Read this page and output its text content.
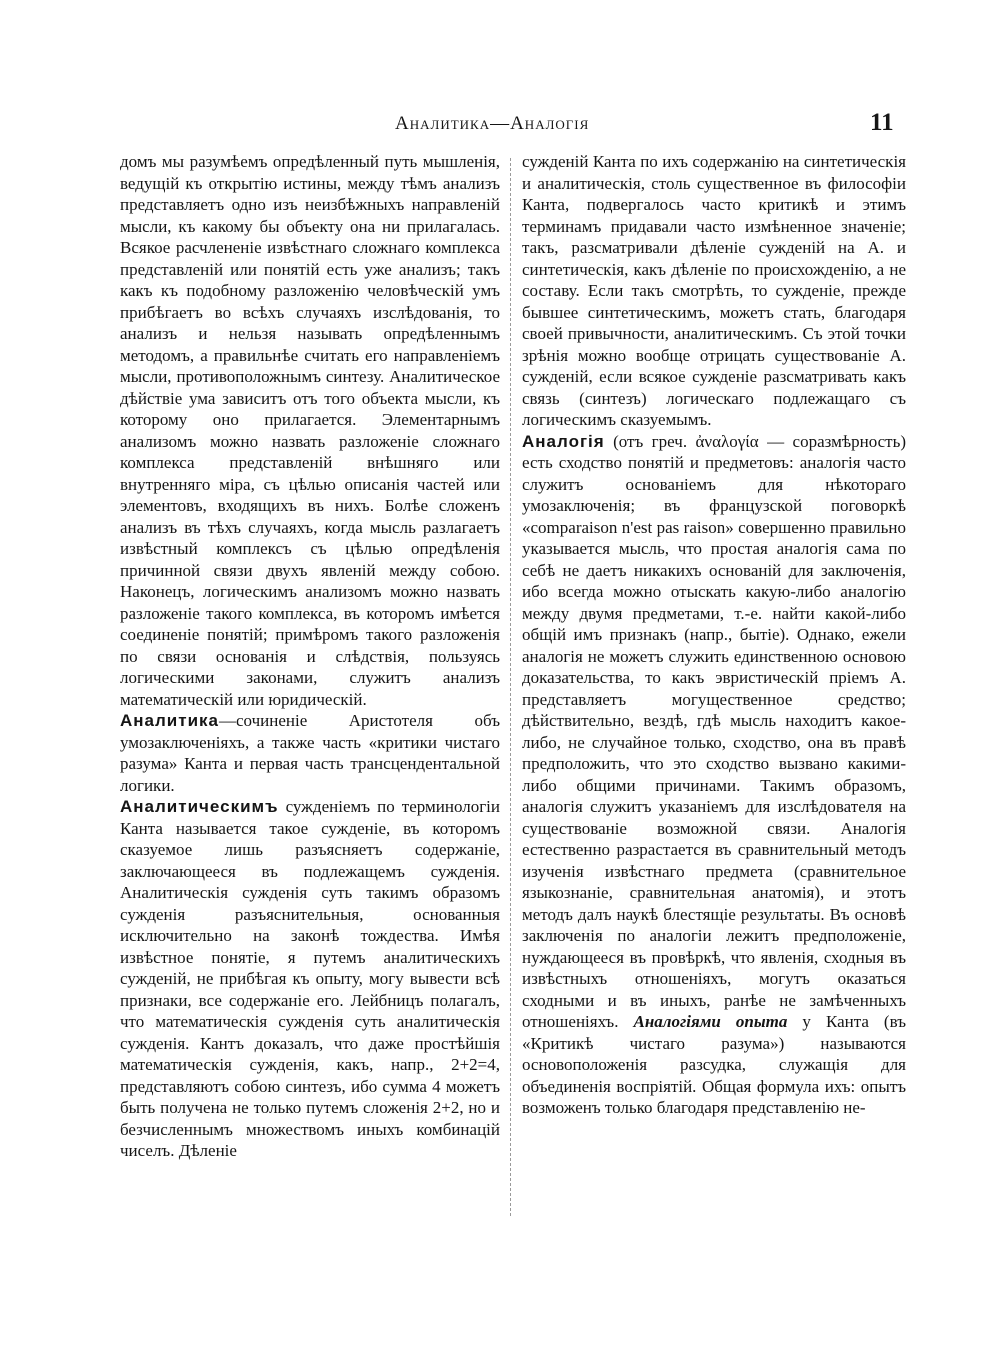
Аналитика—Аналогія	11

домъ мы разумѣемъ опредѣленный путь мышленія, ведущій къ открытію истины, между тѣмъ анализъ представляетъ одно изъ неизбѣжныхъ направленій мысли, къ какому бы объекту она ни прилагалась. Всякое расчлененіе извѣстнаго сложнаго комплекса представленій или понятій есть уже анализъ; такъ какъ къ подобному разложенію человѣческій умъ прибѣгаетъ во всѣхъ случаяхъ изслѣдованія, то анализъ и нельзя называть опредѣленнымъ методомъ, а правильнѣе считать его направленіемъ мысли, противоположнымъ синтезу. Аналитическое дѣйствіе ума зависитъ отъ того объекта мысли, къ которому оно прилагается. Элементарнымъ анализомъ можно назвать разложеніе сложнаго комплекса представленій внѣшняго или внутренняго міра, съ цѣлью описанія частей или элементовъ, входящихъ въ нихъ. Болѣе сложенъ анализъ въ тѣхъ случаяхъ, когда мысль разлагаетъ извѣстный комплексъ съ цѣлью опредѣленія причинной связи двухъ явленій между собою. Наконецъ, логическимъ анализомъ можно назвать разложеніе такого комплекса, въ которомъ имѣется соединеніе понятій; примѣромъ такого разложенія по связи основанія и слѣдствія, пользуясь логическими законами, служитъ анализъ математическій или юридическій.

Аналитика—сочиненіе Аристотеля объ умозаключеніяхъ, а также часть «критики чистаго разума» Канта и первая часть трансцендентальной логики.

Аналитическимъ сужденіемъ по терминологіи Канта называется такое сужденіе, въ которомъ сказуемое лишь разъясняетъ содержаніе, заключающееся въ подлежащемъ сужденія. Аналитическія сужденія суть такимъ образомъ сужденія разъяснительныя, основанныя исключительно на законѣ тождества. Имѣя извѣстное понятіе, я путемъ аналитическихъ сужденій, не прибѣгая къ опыту, могу вывести всѣ признаки, все содержаніе его. Лейбницъ полагалъ, что математическія сужденія суть аналитическія сужденія. Кантъ доказалъ, что даже простѣйшія математическія сужденія, какъ, напр., 2+2=4, представляютъ собою синтезъ, ибо сумма 4 можетъ быть получена не только путемъ сложенія 2+2, но и безчисленнымъ множествомъ иныхъ комбинацій чиселъ. Дѣленіе

сужденій Канта по ихъ содержанію на синтетическія и аналитическія, столь существенное въ философіи Канта, подвергалось часто критикѣ и этимъ терминамъ придавали часто измѣненное значеніе; такъ, разсматривали дѣленіе сужденій на А. и синтетическія, какъ дѣленіе по происхожденію, а не составу. Если такъ смотрѣть, то сужденіе, прежде бывшее синтетическимъ, можетъ стать, благодаря своей привычности, аналитическимъ. Съ этой точки зрѣнія можно вообще отрицать существованіе А. сужденій, если всякое сужденіе разсматривать какъ связь (синтезъ) логическаго подлежащаго съ логическимъ сказуемымъ.

Аналогія (отъ греч. ἀναλογία — соразмѣрность) есть сходство понятій и предметовъ: аналогія часто служитъ основаніемъ для нѣкотораго умозаключенія; въ французской поговоркѣ «comparaison n'est pas raison» совершенно правильно указывается мысль, что простая аналогія сама по себѣ не даетъ никакихъ основаній для заключенія, ибо всегда можно отыскать какую-либо аналогію между двумя предметами, т.-е. найти какой-либо общій имъ признакъ (напр., бытіе). Однако, ежели аналогія не можетъ служить единственною основою доказательства, то какъ эвристическій пріемъ А. представляетъ могущественное средство; дѣйствительно, вездѣ, гдѣ мысль находитъ какое-либо, не случайное только, сходство, она въ правѣ предположить, что это сходство вызвано какими-либо общими причинами. Такимъ образомъ, аналогія служитъ указаніемъ для изслѣдователя на существованіе возможной связи. Аналогія естественно разрастается въ сравнительный методъ изученія извѣстнаго предмета (сравнительное языкознаніе, сравнительная анатомія), и этотъ методъ далъ наукѣ блестящіе результаты. Въ основѣ заключенія по аналогіи лежитъ предположеніе, нуждающееся въ провѣркѣ, что явленія, сходныя въ извѣстныхъ отношеніяхъ, могутъ оказаться сходными и въ иныхъ, ранѣе не замѣченныхъ отношеніяхъ. Аналогіями опыта у Канта (въ «Критикѣ чистаго разума») называются основоположенія разсудка, служащія для объединенія воспріятій. Общая формула ихъ: опытъ возможенъ только благодаря представленію не-
